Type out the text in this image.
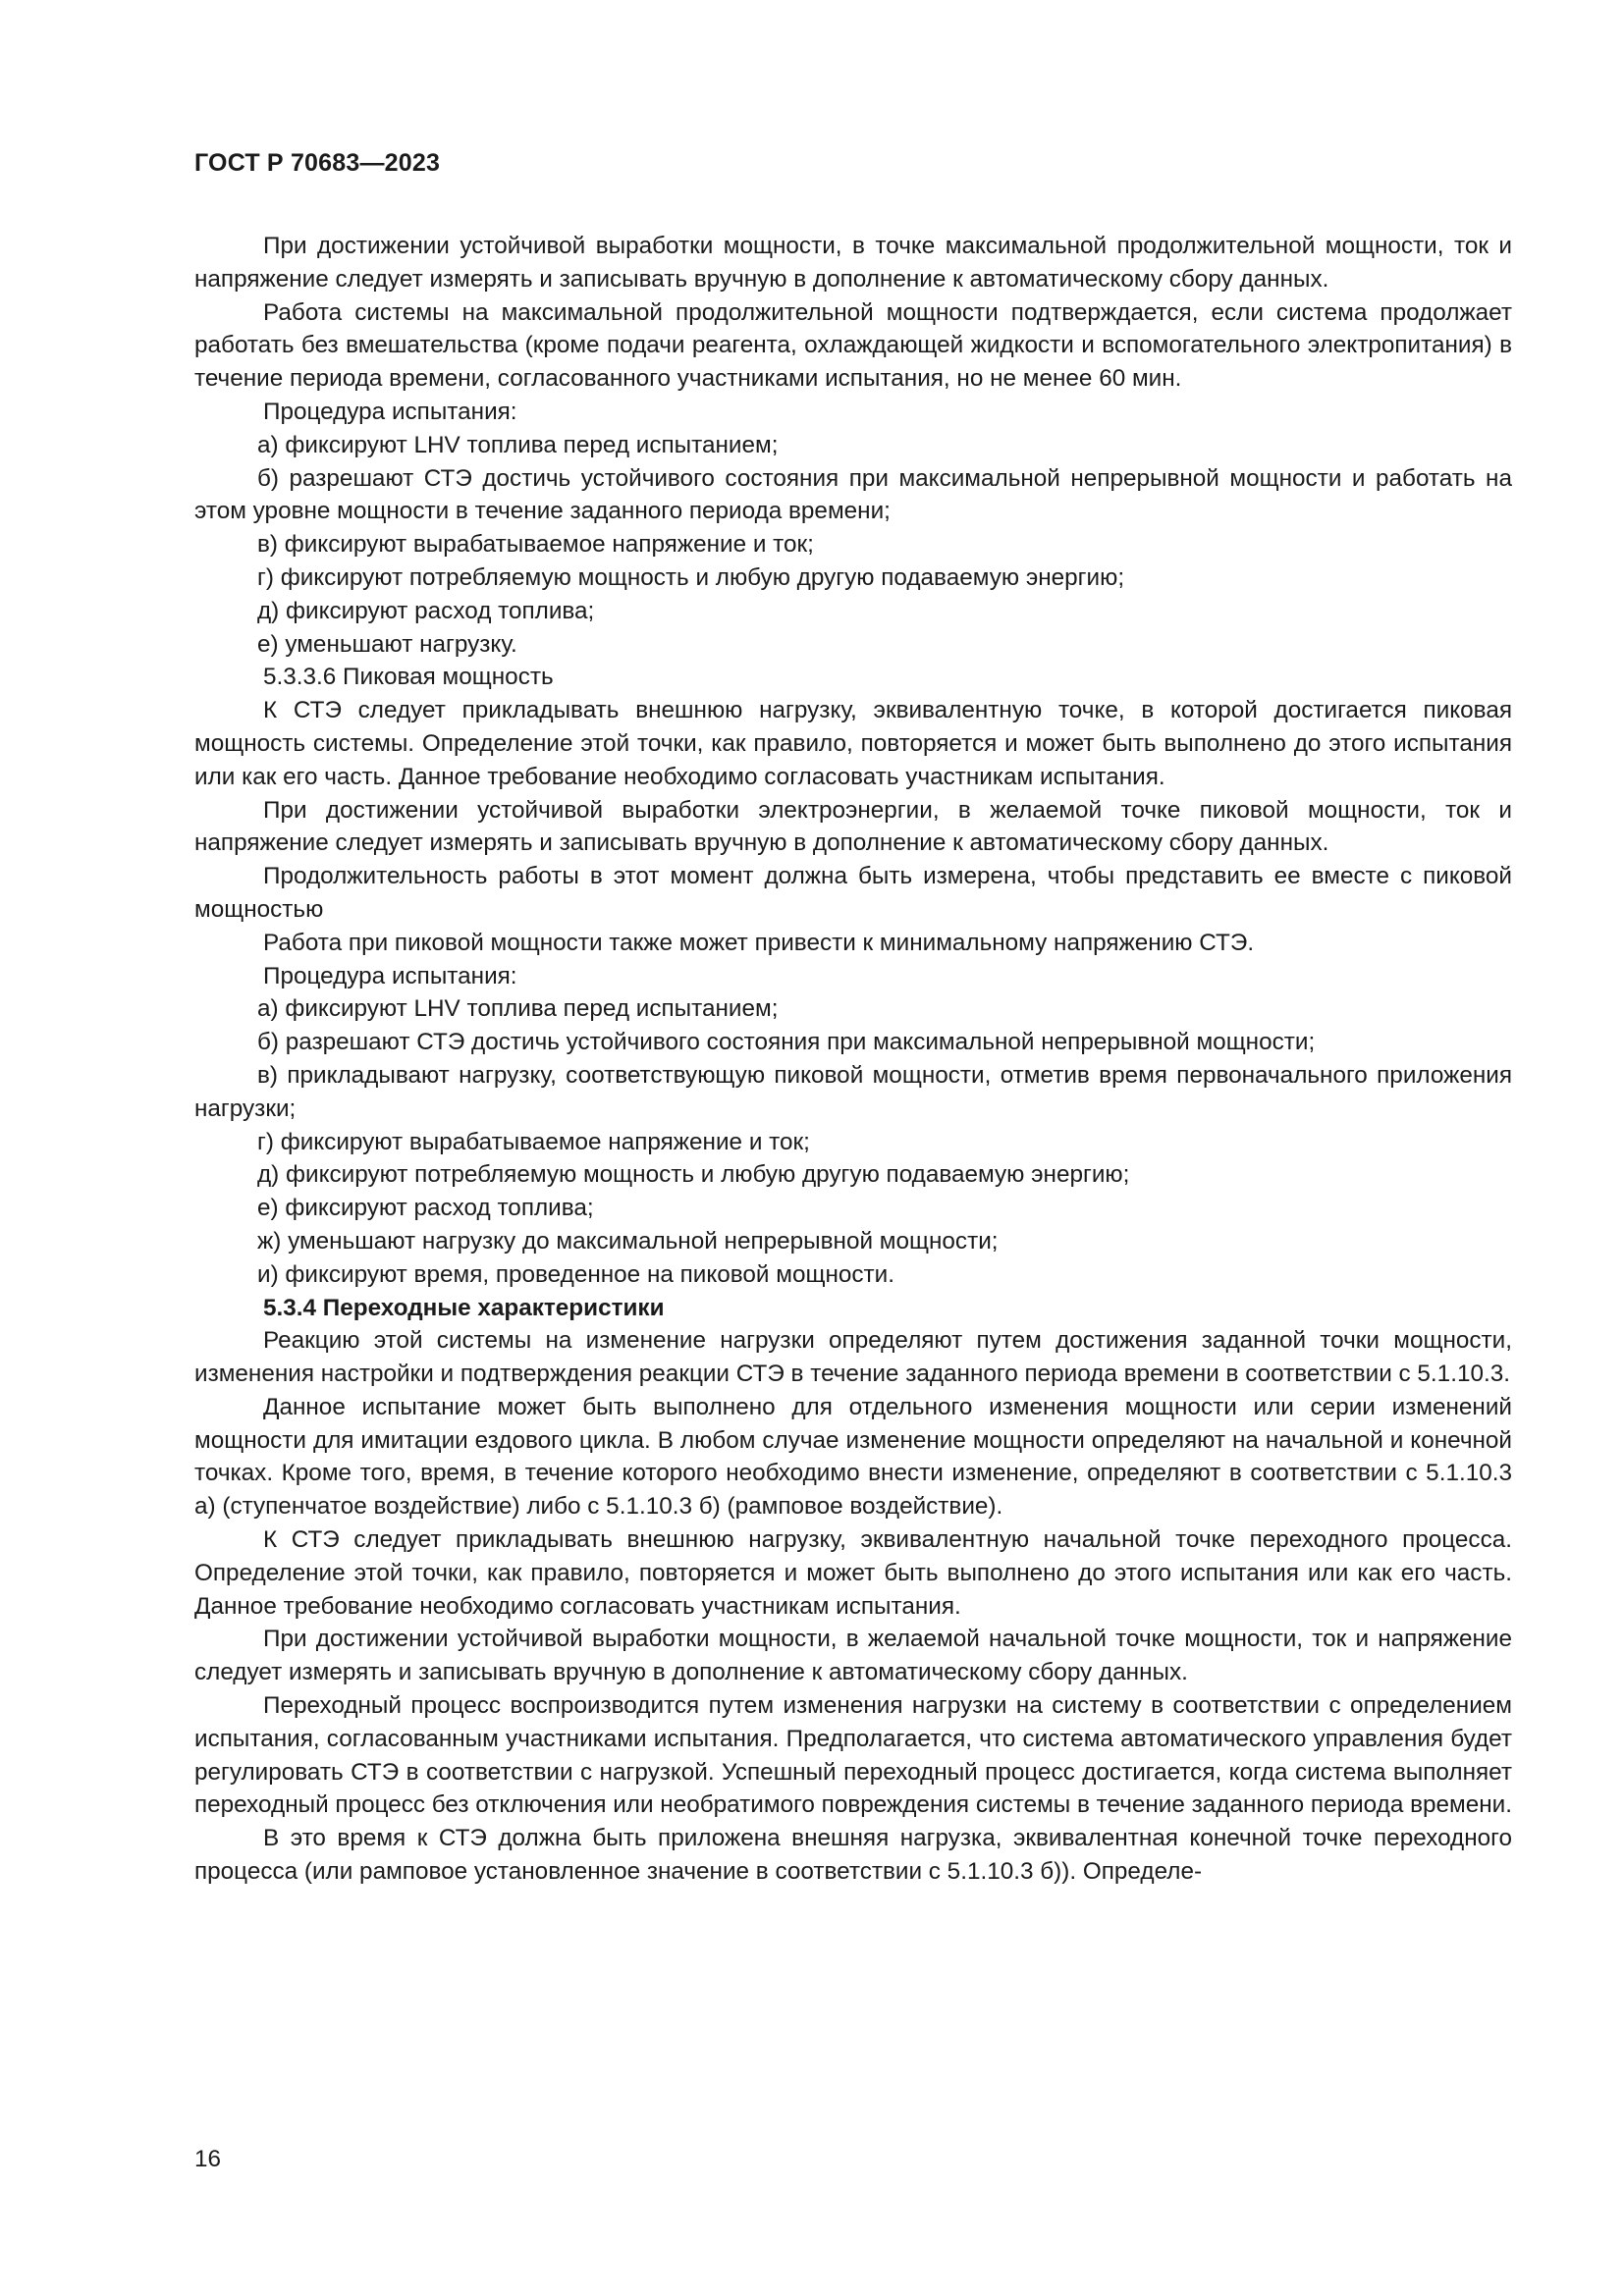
ГОСТ Р 70683—2023

При достижении устойчивой выработки мощности, в точке максимальной продолжительной мощности, ток и напряжение следует измерять и записывать вручную в дополнение к автоматическому сбору данных.

Работа системы на максимальной продолжительной мощности подтверждается, если система продолжает работать без вмешательства (кроме подачи реагента, охлаждающей жидкости и вспомогательного электропитания) в течение периода времени, согласованного участниками испытания, но не менее 60 мин.

Процедура испытания:

а) фиксируют LHV топлива перед испытанием;

б) разрешают СТЭ достичь устойчивого состояния при максимальной непрерывной мощности и работать на этом уровне мощности в течение заданного периода времени;

в) фиксируют вырабатываемое напряжение и ток;

г) фиксируют потребляемую мощность и любую другую подаваемую энергию;

д) фиксируют расход топлива;

е) уменьшают нагрузку.

5.3.3.6 Пиковая мощность

К СТЭ следует прикладывать внешнюю нагрузку, эквивалентную точке, в которой достигается пиковая мощность системы. Определение этой точки, как правило, повторяется и может быть выполнено до этого испытания или как его часть. Данное требование необходимо согласовать участникам испытания.

При достижении устойчивой выработки электроэнергии, в желаемой точке пиковой мощности, ток и напряжение следует измерять и записывать вручную в дополнение к автоматическому сбору данных.

Продолжительность работы в этот момент должна быть измерена, чтобы представить ее вместе с пиковой мощностью

Работа при пиковой мощности также может привести к минимальному напряжению СТЭ.

Процедура испытания:

а) фиксируют LHV топлива перед испытанием;

б) разрешают СТЭ достичь устойчивого состояния при максимальной непрерывной мощности;

в) прикладывают нагрузку, соответствующую пиковой мощности, отметив время первоначального приложения нагрузки;

г) фиксируют вырабатываемое напряжение и ток;

д) фиксируют потребляемую мощность и любую другую подаваемую энергию;

е) фиксируют расход топлива;

ж) уменьшают нагрузку до максимальной непрерывной мощности;

и) фиксируют время, проведенное на пиковой мощности.

5.3.4 Переходные характеристики

Реакцию этой системы на изменение нагрузки определяют путем достижения заданной точки мощности, изменения настройки и подтверждения реакции СТЭ в течение заданного периода времени в соответствии с 5.1.10.3.

Данное испытание может быть выполнено для отдельного изменения мощности или серии изменений мощности для имитации ездового цикла. В любом случае изменение мощности определяют на начальной и конечной точках. Кроме того, время, в течение которого необходимо внести изменение, определяют в соответствии с 5.1.10.3 а) (ступенчатое воздействие) либо с 5.1.10.3 б) (рамповое воздействие).

К СТЭ следует прикладывать внешнюю нагрузку, эквивалентную начальной точке переходного процесса. Определение этой точки, как правило, повторяется и может быть выполнено до этого испытания или как его часть. Данное требование необходимо согласовать участникам испытания.

При достижении устойчивой выработки мощности, в желаемой начальной точке мощности, ток и напряжение следует измерять и записывать вручную в дополнение к автоматическому сбору данных.

Переходный процесс воспроизводится путем изменения нагрузки на систему в соответствии с определением испытания, согласованным участниками испытания. Предполагается, что система автоматического управления будет регулировать СТЭ в соответствии с нагрузкой. Успешный переходный процесс достигается, когда система выполняет переходный процесс без отключения или необратимого повреждения системы в течение заданного периода времени.

В это время к СТЭ должна быть приложена внешняя нагрузка, эквивалентная конечной точке переходного процесса (или рамповое установленное значение в соответствии с 5.1.10.3 б)). Определе-

16
